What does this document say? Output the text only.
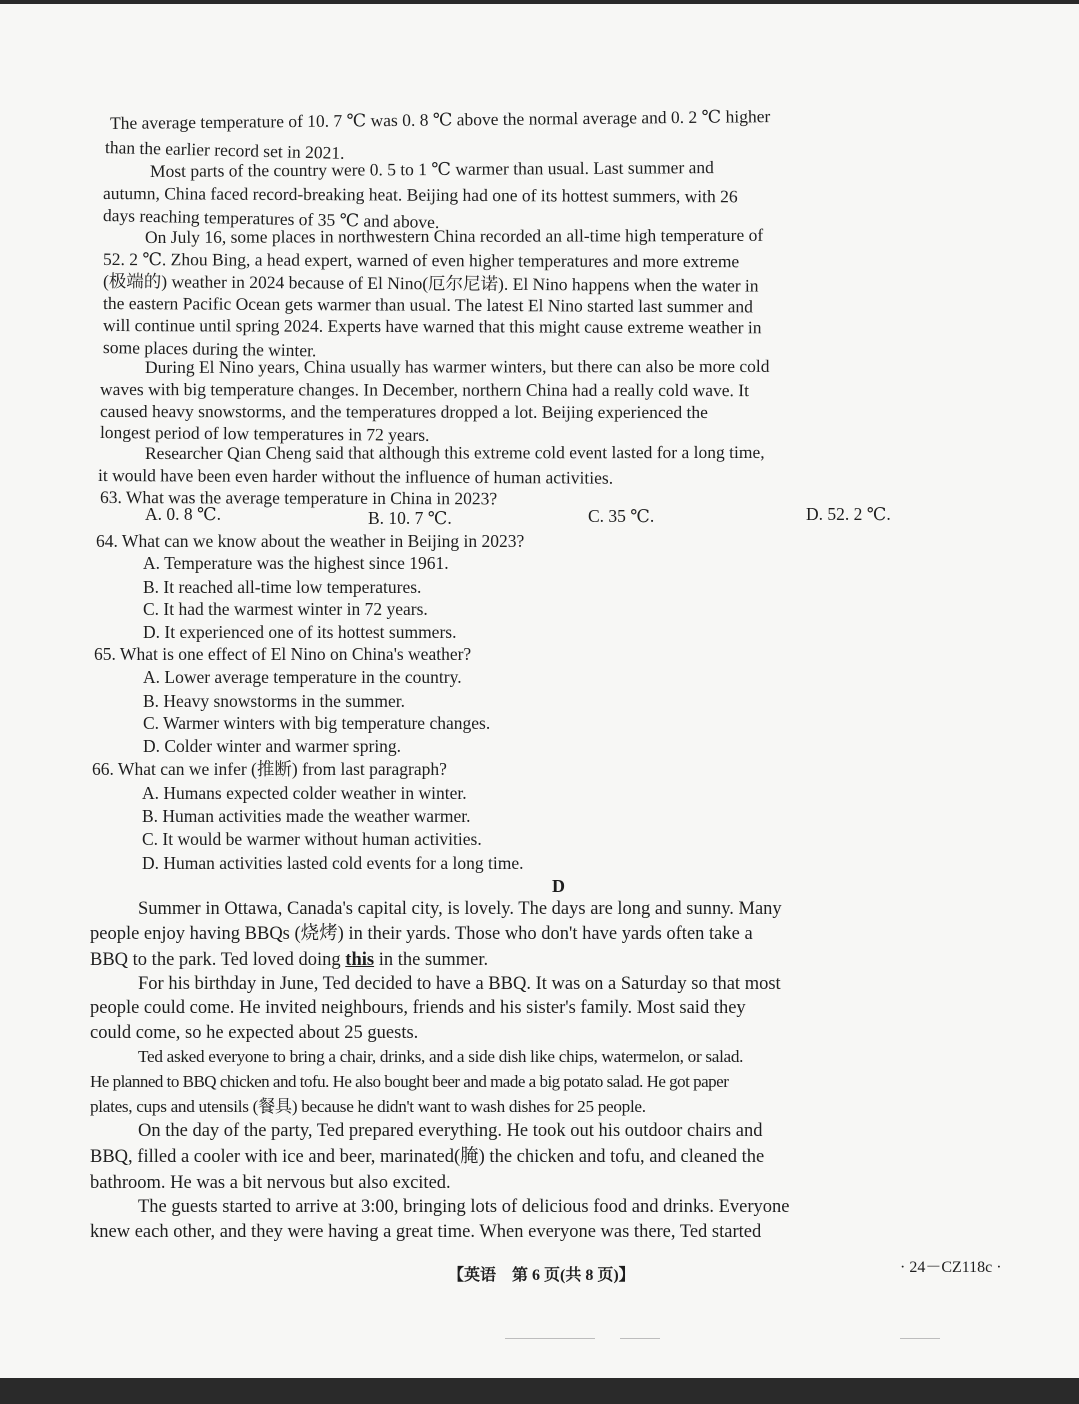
The average temperature of 10. 7 ℃ was 0. 8 ℃ above the normal average and 0. 2 ℃ higher
than the earlier record set in 2021.
Most parts of the country were 0. 5 to 1 ℃ warmer than usual. Last summer and
autumn, China faced record-breaking heat. Beijing had one of its hottest summers, with 26
days reaching temperatures of 35 ℃ and above.
On July 16, some places in northwestern China recorded an all-time high temperature of
52. 2 ℃. Zhou Bing, a head expert, warned of even higher temperatures and more extreme
(极端的) weather in 2024 because of El Nino(厄尔尼诺). El Nino happens when the water in
the eastern Pacific Ocean gets warmer than usual. The latest El Nino started last summer and
will continue until spring 2024. Experts have warned that this might cause extreme weather in
some places during the winter.
During El Nino years, China usually has warmer winters, but there can also be more cold
waves with big temperature changes. In December, northern China had a really cold wave. It
caused heavy snowstorms, and the temperatures dropped a lot. Beijing experienced the
longest period of low temperatures in 72 years.
Researcher Qian Cheng said that although this extreme cold event lasted for a long time,
it would have been even harder without the influence of human activities.
63. What was the average temperature in China in 2023?
A. 0. 8 ℃.	B. 10. 7 ℃.	C. 35 ℃.	D. 52. 2 ℃.
64. What can we know about the weather in Beijing in 2023?
A. Temperature was the highest since 1961.
B. It reached all-time low temperatures.
C. It had the warmest winter in 72 years.
D. It experienced one of its hottest summers.
65. What is one effect of El Nino on China's weather?
A. Lower average temperature in the country.
B. Heavy snowstorms in the summer.
C. Warmer winters with big temperature changes.
D. Colder winter and warmer spring.
66. What can we infer (推断) from last paragraph?
A. Humans expected colder weather in winter.
B. Human activities made the weather warmer.
C. It would be warmer without human activities.
D. Human activities lasted cold events for a long time.
D
Summer in Ottawa, Canada's capital city, is lovely. The days are long and sunny. Many
people enjoy having BBQs (烧烤) in their yards. Those who don't have yards often take a
BBQ to the park. Ted loved doing this in the summer.
For his birthday in June, Ted decided to have a BBQ. It was on a Saturday so that most
people could come. He invited neighbours, friends and his sister's family. Most said they
could come, so he expected about 25 guests.
Ted asked everyone to bring a chair, drinks, and a side dish like chips, watermelon, or salad.
He planned to BBQ chicken and tofu. He also bought beer and made a big potato salad. He got paper
plates, cups and utensils (餐具) because he didn't want to wash dishes for 25 people.
On the day of the party, Ted prepared everything. He took out his outdoor chairs and
BBQ, filled a cooler with ice and beer, marinated(腌) the chicken and tofu, and cleaned the
bathroom. He was a bit nervous but also excited.
The guests started to arrive at 3:00, bringing lots of delicious food and drinks. Everyone
knew each other, and they were having a great time. When everyone was there, Ted started
【英语　第 6 页(共 8 页)】	· 24－CZ118c ·
